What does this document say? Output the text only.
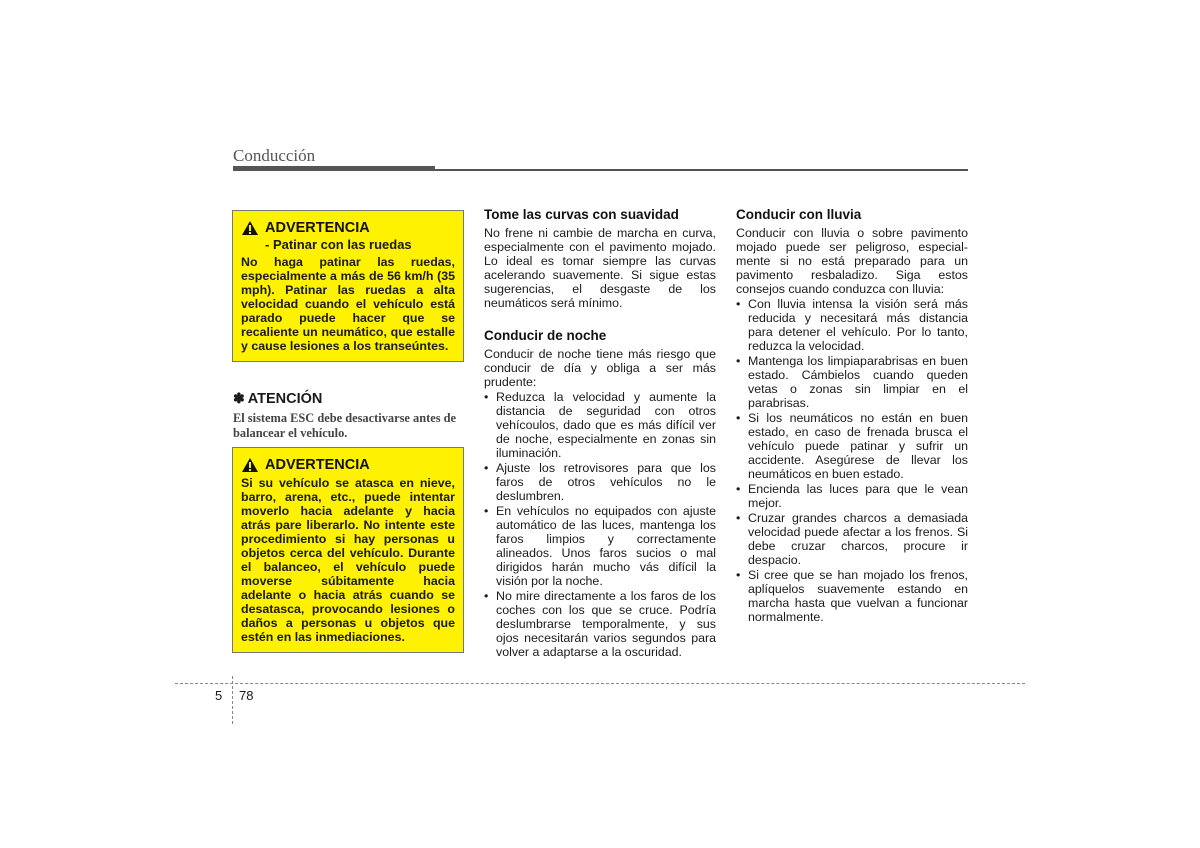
Conducción
ADVERTENCIA
- Patinar con las ruedas
No haga patinar las ruedas, especialmente a más de 56 km/h (35 mph). Patinar las ruedas a alta velocidad cuando el vehículo está parado puede hacer que se recaliente un neumático, que estalle y cause lesiones a los transeúntes.
✽ ATENCIÓN
El sistema ESC debe desactivarse antes de balancear el vehículo.
ADVERTENCIA
Si su vehículo se atasca en nieve, barro, arena, etc., puede intentar moverlo hacia adelante y hacia atrás pare liberarlo. No intente este procedimiento si hay personas u objetos cerca del vehículo. Durante el balanceo, el vehículo puede moverse súbitamente hacia adelante o hacia atrás cuando se desatasca, provocando lesiones o daños a personas u objetos que estén en las inmediaciones.
Tome las curvas con suavidad

No frene ni cambie de marcha en curva, especialmente con el pavimento mojado. Lo ideal es tomar siempre las curvas acelerando suavemente. Si sigue estas sugerencias, el desgaste de los neumáticos será mínimo.

Conducir de noche

Conducir de noche tiene más riesgo que conducir de día y obliga a ser más prudente:

• Reduzca la velocidad y aumente la distancia de seguridad con otros vehícoulos, dado que es más difícil ver de noche, especialmente en zonas sin iluminación.
• Ajuste los retrovisores para que los faros de otros vehículos no le deslumbren.
• En vehículos no equipados con ajuste automático de las luces, mantenga los faros limpios y correctamente alineados. Unos faros sucios o mal dirigidos harán mucho vás difícil la visión por la noche.
• No mire directamente a los faros de los coches con los que se cruce. Podría deslumbrarse temporalmente, y sus ojos necesitarán varios segundos para volver a adaptarse a la oscuridad.
Conducir con lluvia

Conducir con lluvia o sobre pavimento mojado puede ser peligroso, especial-mente si no está preparado para un pavimento resbaladizo. Siga estos consejos cuando conduzca con lluvia:

• Con lluvia intensa la visión será más reducida y necesitará más distancia para detener el vehículo. Por lo tanto, reduzca la velocidad.
• Mantenga los limpiaparabrisas en buen estado. Cámbielos cuando queden vetas o zonas sin limpiar en el parabrisas.
• Si los neumáticos no están en buen estado, en caso de frenada brusca el vehículo puede patinar y sufrir un accidente. Asegúrese de llevar los neumáticos en buen estado.
• Encienda las luces para que le vean mejor.
• Cruzar grandes charcos a demasiada velocidad puede afectar a los frenos. Si debe cruzar charcos, procure ir despacio.
• Si cree que se han mojado los frenos, aplíquelos suavemente estando en marcha hasta que vuelvan a funcionar normalmente.
5 78
